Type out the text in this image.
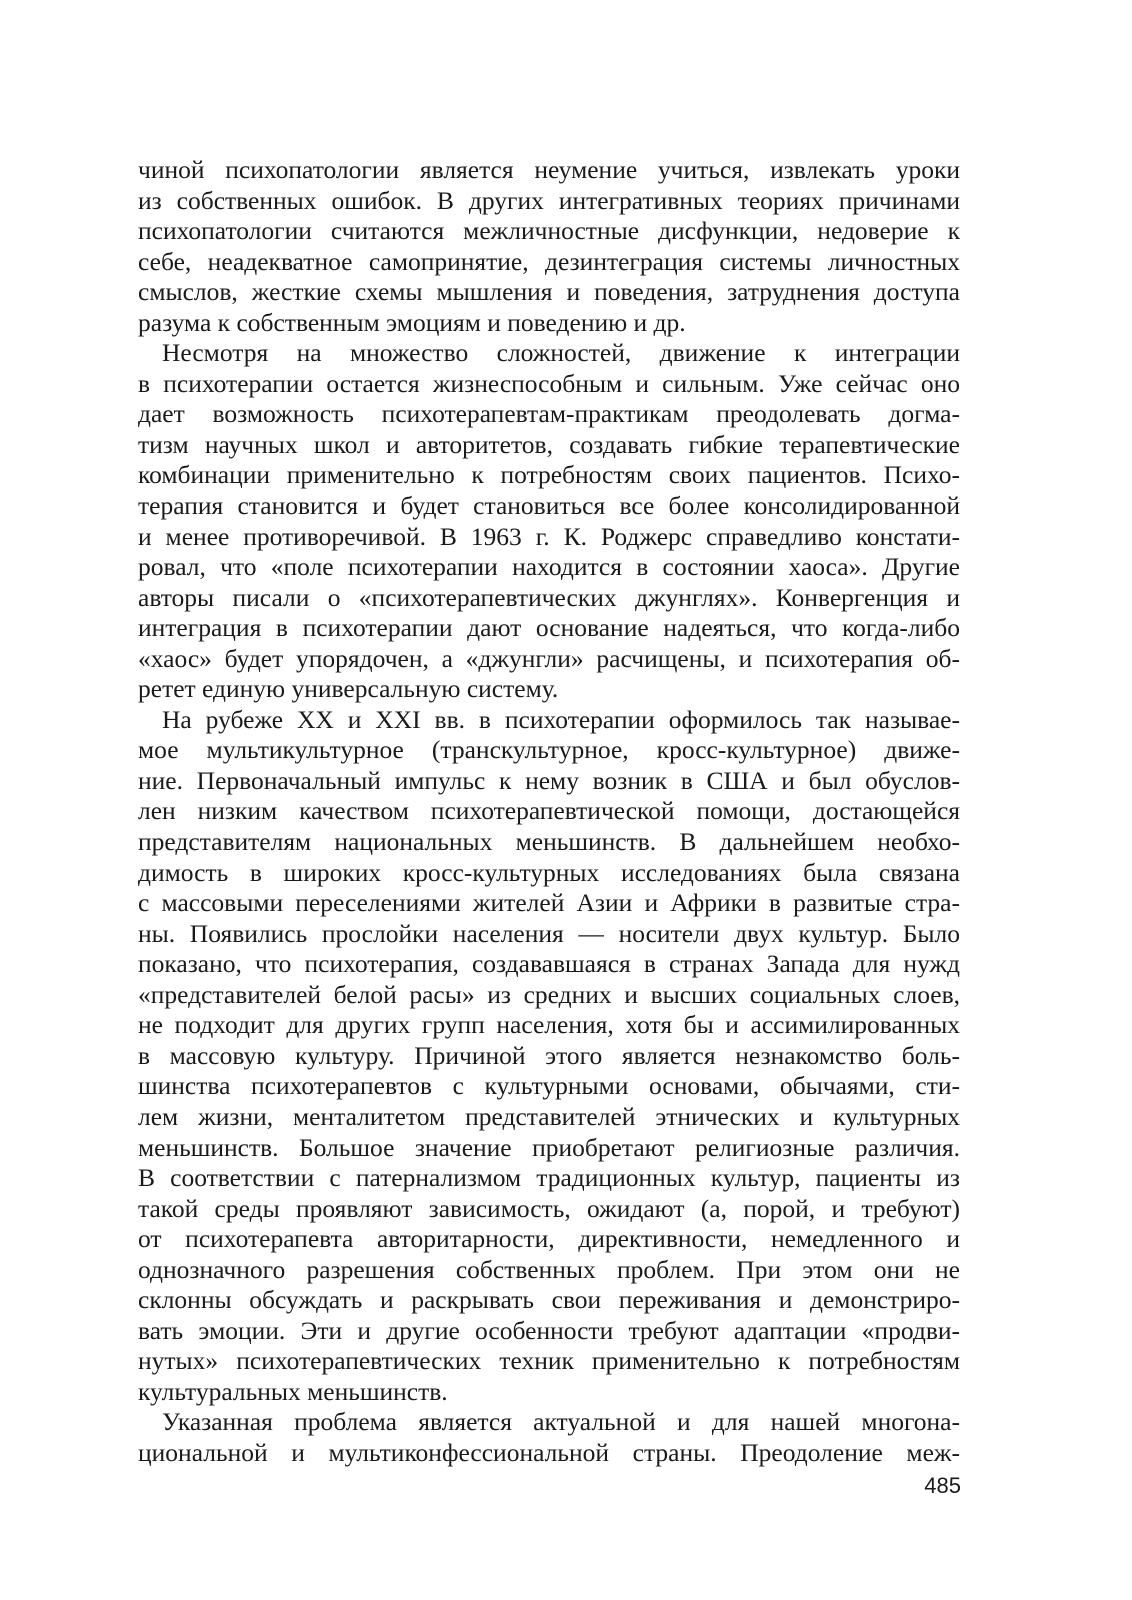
чиной психопатологии является неумение учиться, извлекать уроки
из собственных ошибок. В других интегративных теориях причинами
психопатологии считаются межличностные дисфункции, недоверие к
себе, неадекватное самопринятие, дезинтеграция системы личностных
смыслов, жесткие схемы мышления и поведения, затруднения доступа
разума к собственным эмоциям и поведению и др.
Несмотря на множество сложностей, движение к интеграции
в психотерапии остается жизнеспособным и сильным. Уже сейчас оно
дает возможность психотерапевтам-практикам преодолевать догма-
тизм научных школ и авторитетов, создавать гибкие терапевтические
комбинации применительно к потребностям своих пациентов. Психо-
терапия становится и будет становиться все более консолидированной
и менее противоречивой. В 1963 г. К. Роджерс справедливо констати-
ровал, что «поле психотерапии находится в состоянии хаоса». Другие
авторы писали о «психотерапевтических джунглях». Конвергенция и
интеграция в психотерапии дают основание надеяться, что когда-либо
«хаос» будет упорядочен, а «джунгли» расчищены, и психотерапия об-
ретет единую универсальную систему.
На рубеже XX и XXI вв. в психотерапии оформилось так называе-
мое мультикультурное (транскультурное, кросс-культурное) движе-
ние. Первоначальный импульс к нему возник в США и был обуслов-
лен низким качеством психотерапевтической помощи, достающейся
представителям национальных меньшинств. В дальнейшем необхо-
димость в широких кросс-культурных исследованиях была связана
с массовыми переселениями жителей Азии и Африки в развитые стра-
ны. Появились прослойки населения — носители двух культур. Было
показано, что психотерапия, создававшаяся в странах Запада для нужд
«представителей белой расы» из средних и высших социальных слоев,
не подходит для других групп населения, хотя бы и ассимилированных
в массовую культуру. Причиной этого является незнакомство боль-
шинства психотерапевтов с культурными основами, обычаями, сти-
лем жизни, менталитетом представителей этнических и культурных
меньшинств. Большое значение приобретают религиозные различия.
В соответствии с патернализмом традиционных культур, пациенты из
такой среды проявляют зависимость, ожидают (а, порой, и требуют)
от психотерапевта авторитарности, директивности, немедленного и
однозначного разрешения собственных проблем. При этом они не
склонны обсуждать и раскрывать свои переживания и демонстриро-
вать эмоции. Эти и другие особенности требуют адаптации «продви-
нутых» психотерапевтических техник применительно к потребностям
культуральных меньшинств.
Указанная проблема является актуальной и для нашей многона-
циональной и мультиконфессиональной страны. Преодоление меж-
485
